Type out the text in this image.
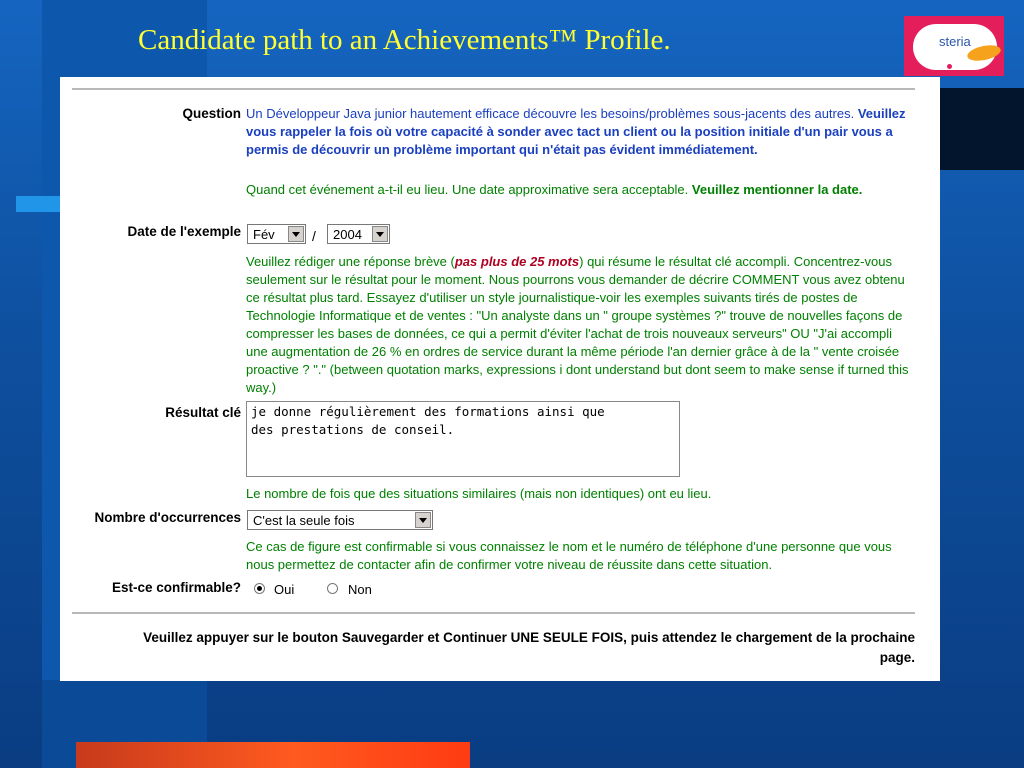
Candidate path to an Achievements™ Profile.	steria
Question Un Développeur Java junior hautement efficace découvre les besoins/problèmes sous-jacents des autres. Veuillez vous rappeler la fois où votre capacité à sonder avec tact un client ou la position initiale d'un pair vous a permis de découvrir un problème important qui n'était pas évident immédiatement.
Quand cet événement a-t-il eu lieu. Une date approximative sera acceptable. Veuillez mentionner la date.
Date de l'exemple Fév	/ 2004
Veuillez rédiger une réponse brève (pas plus de 25 mots) qui résume le résultat clé accompli. Concentrez-vous seulement sur le résultat pour le moment. Nous pourrons vous demander de décrire COMMENT vous avez obtenu ce résultat plus tard. Essayez d'utiliser un style journalistique-voir les exemples suivants tirés de postes de Technologie Informatique et de ventes : "Un analyste dans un " groupe systèmes ?" trouve de nouvelles façons de compresser les bases de données, ce qui a permit d'éviter l'achat de trois nouveaux serveurs" OU "J'ai accompli une augmentation de 26 % en ordres de service durant la même période l'an dernier grâce à de la " vente croisée proactive ? "." (between quotation marks, expressions i dont understand but dont seem to make sense if turned this way.)
Résultat clé je donne régulièrement des formations ainsi que
des prestations de conseil.
Le nombre de fois que des situations similaires (mais non identiques) ont eu lieu.
Nombre d'occurrences C'est la seule fois
Ce cas de figure est confirmable si vous connaissez le nom et le numéro de téléphone d'une personne que vous nous permettez de contacter afin de confirmer votre niveau de réussite dans cette situation.
Est-ce confirmable?	Oui	Non
Veuillez appuyer sur le bouton Sauvegarder et Continuer UNE SEULE FOIS, puis attendez le chargement de la prochaine page.
